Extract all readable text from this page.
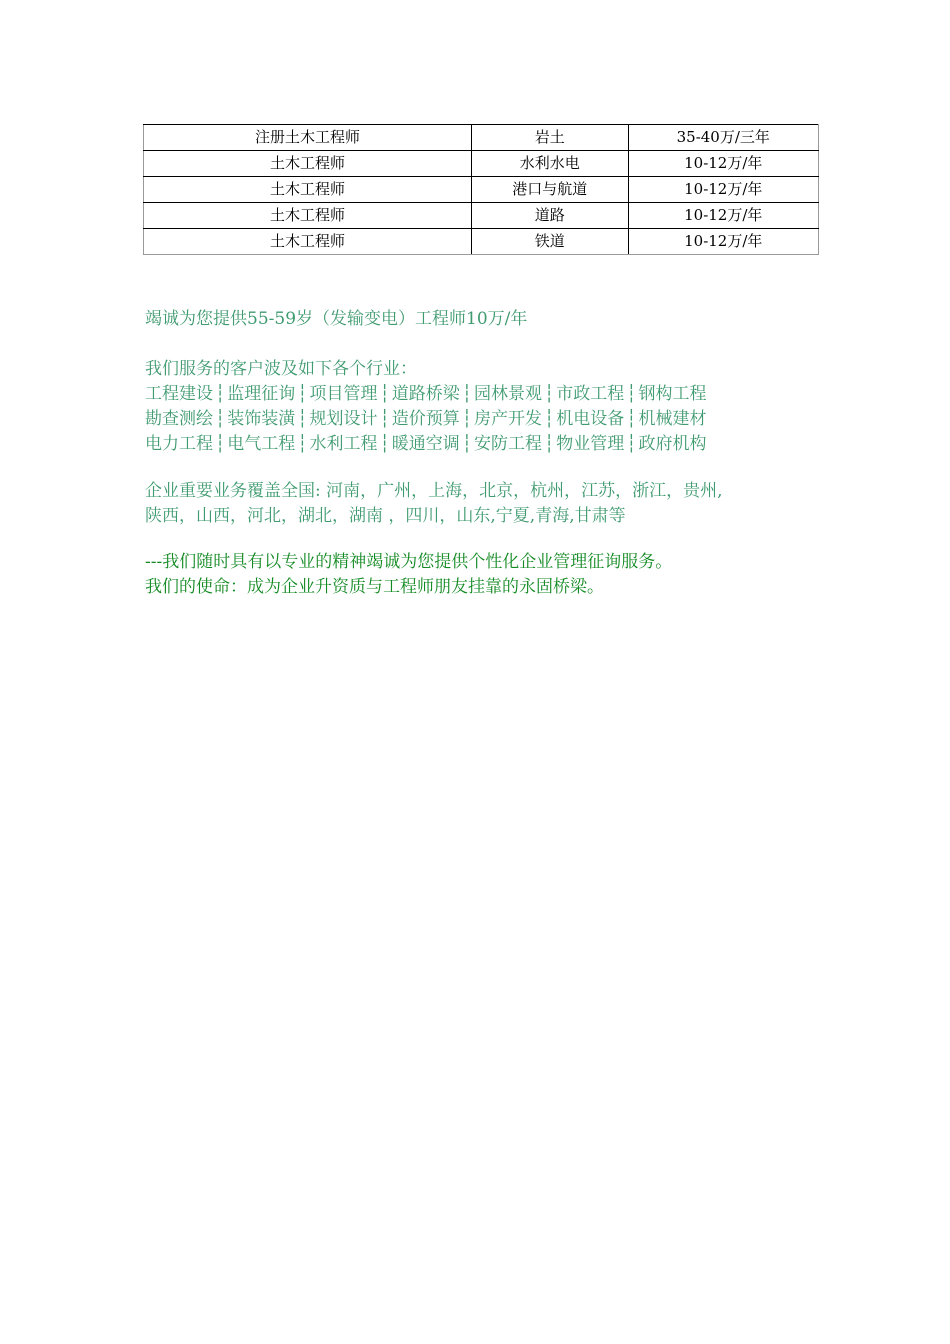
注册土木工程师	岩土	35-40万/三年
土木工程师	水利水电	10-12万/年
土木工程师	港口与航道	10-12万/年
土木工程师	道路	10-12万/年
土木工程师	铁道	10-12万/年
竭诚为您提供55-59岁（发输变电）工程师10万/年
我们服务的客户波及如下各个行业：
工程建设 ┆ 监理征询 ┆ 项目管理 ┆ 道路桥梁 ┆ 园林景观 ┆ 市政工程 ┆ 钢构工程
勘查测绘 ┆ 装饰装潢 ┆ 规划设计 ┆ 造价预算 ┆ 房产开发 ┆ 机电设备 ┆ 机械建材
电力工程 ┆ 电气工程 ┆ 水利工程 ┆ 暖通空调 ┆ 安防工程 ┆ 物业管理 ┆ 政府机构
企业重要业务覆盖全国: 河南，广州，上海，北京，杭州，江苏，浙江，贵州,
陕西，山西，河北，湖北，湖南 ，四川，山东,宁夏,青海,甘肃等
---我们随时具有以专业的精神竭诚为您提供个性化企业管理征询服务。
我们的使命：成为企业升资质与工程师朋友挂靠的永固桥梁。
